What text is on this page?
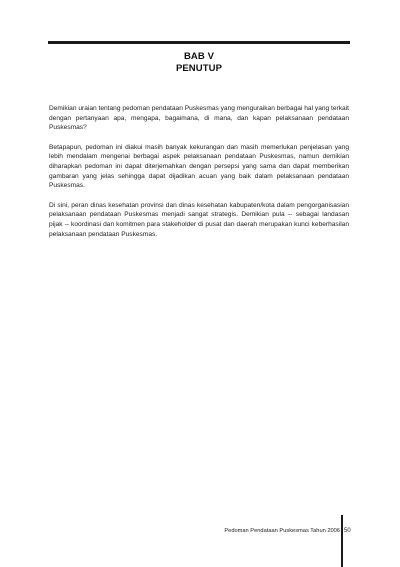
BAB V
PENUTUP

Demikian uraian tentang pedoman pendataan Puskesmas yang menguraikan berbagai hal yang terkait dengan pertanyaan apa, mengapa, bagaimana, di mana, dan kapan pelaksanaan pendataan Puskesmas?

Betapapun, pedoman ini diakui masih banyak kekurangan dan masih memerlukan penjelasan yang lebih mendalam mengenai berbagai aspek pelaksanaan pendataan Puskesmas, namun demikian diharapkan pedoman ini dapat diterjemahkan dengan persepsi yang sama dan dapat memberikan gambaran yang jelas sehingga dapat dijadikan acuan yang baik dalam pelaksanaan pendataan Puskesmas.

Di sini, peran dinas kesehatan provinsi dan dinas kesehatan kabupaten/kota dalam pengorganisasian pelaksanaan pendataan Puskesmas menjadi sangat strategis. Demikian pula -- sebagai landasan pijak -- koordinasi dan komitmen para stakeholder di pusat dan daerah merupakan kunci keberhasilan pelaksanaan pendataan Puskesmas.

Pedoman Pendataan Puskesmas Tahun 2006 50
